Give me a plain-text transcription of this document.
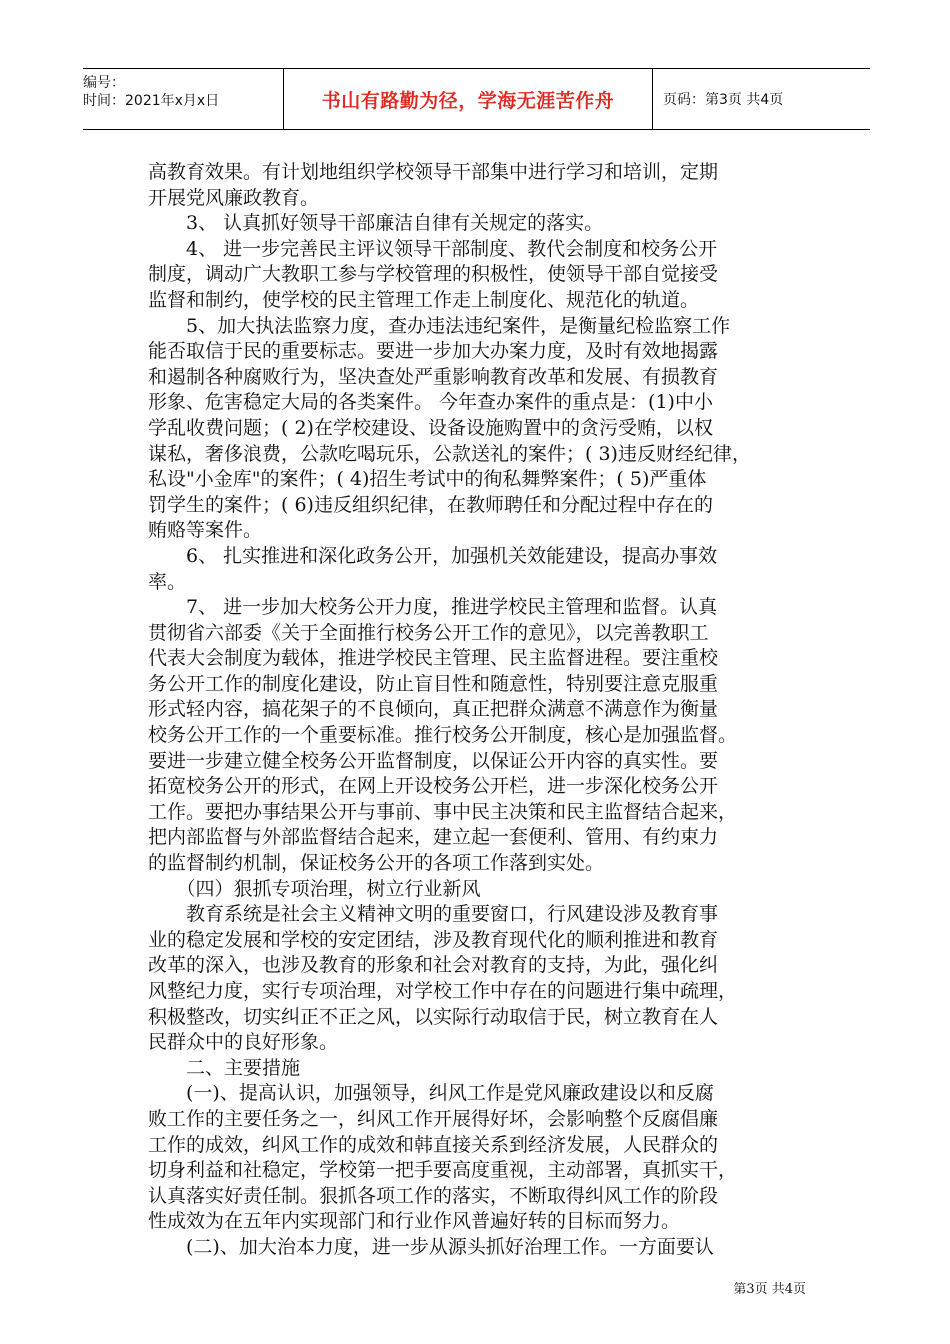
编号：
时间：2021年x月x日	书山有路勤为径，学海无涯苦作舟	页码：第3页 共4页
高教育效果。有计划地组织学校领导干部集中进行学习和培训，定期
开展党风廉政教育。
　　3、 认真抓好领导干部廉洁自律有关规定的落实。
　　4、 进一步完善民主评议领导干部制度、教代会制度和校务公开
制度，调动广大教职工参与学校管理的积极性，使领导干部自觉接受
监督和制约，使学校的民主管理工作走上制度化、规范化的轨道。
　　5、加大执法监察力度，查办违法违纪案件，是衡量纪检监察工作
能否取信于民的重要标志。要进一步加大办案力度，及时有效地揭露
和遏制各种腐败行为，坚决查处严重影响教育改革和发展、有损教育
形象、危害稳定大局的各类案件。 今年查办案件的重点是：(1)中小
学乱收费问题；( 2)在学校建设、设备设施购置中的贪污受贿，以权
谋私，奢侈浪费，公款吃喝玩乐，公款送礼的案件；( 3)违反财经纪律，
私设"小金库"的案件；( 4)招生考试中的徇私舞弊案件；( 5)严重体
罚学生的案件；( 6)违反组织纪律，在教师聘任和分配过程中存在的
贿赂等案件。
　　6、 扎实推进和深化政务公开，加强机关效能建设，提高办事效
率。
　　7、 进一步加大校务公开力度，推进学校民主管理和监督。认真
贯彻省六部委《关于全面推行校务公开工作的意见》，以完善教职工
代表大会制度为载体，推进学校民主管理、民主监督进程。要注重校
务公开工作的制度化建设，防止盲目性和随意性，特别要注意克服重
形式轻内容，搞花架子的不良倾向，真正把群众满意不满意作为衡量
校务公开工作的一个重要标准。推行校务公开制度，核心是加强监督。
要进一步建立健全校务公开监督制度，以保证公开内容的真实性。要
拓宽校务公开的形式，在网上开设校务公开栏，进一步深化校务公开
工作。要把办事结果公开与事前、事中民主决策和民主监督结合起来，
把内部监督与外部监督结合起来，建立起一套便利、管用、有约束力
的监督制约机制，保证校务公开的各项工作落到实处。
　　（四）狠抓专项治理，树立行业新风
　　教育系统是社会主义精神文明的重要窗口，行风建设涉及教育事
业的稳定发展和学校的安定团结，涉及教育现代化的顺利推进和教育
改革的深入，也涉及教育的形象和社会对教育的支持，为此，强化纠
风整纪力度，实行专项治理，对学校工作中存在的问题进行集中疏理，
积极整改，切实纠正不正之风，以实际行动取信于民，树立教育在人
民群众中的良好形象。
　　二、主要措施
　　(一)、提高认识，加强领导，纠风工作是党风廉政建设以和反腐
败工作的主要任务之一，纠风工作开展得好坏，会影响整个反腐倡廉
工作的成效，纠风工作的成效和韩直接关系到经济发展，人民群众的
切身利益和社稳定，学校第一把手要高度重视，主动部署，真抓实干，
认真落实好责任制。狠抓各项工作的落实，不断取得纠风工作的阶段
性成效为在五年内实现部门和行业作风普遍好转的目标而努力。
　　(二)、加大治本力度，进一步从源头抓好治理工作。一方面要认
第3页 共4页
